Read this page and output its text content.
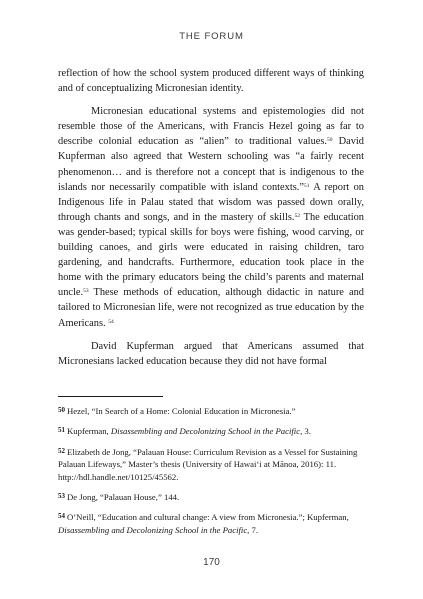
THE FORUM

reflection of how the school system produced different ways of thinking and of conceptualizing Micronesian identity.

Micronesian educational systems and epistemologies did not resemble those of the Americans, with Francis Hezel going as far to describe colonial education as “alien” to traditional values.$^{50}$ David Kupferman also agreed that Western schooling was “a fairly recent phenomenon… and is therefore not a concept that is indigenous to the islands nor necessarily compatible with island contexts.”$^{51}$ A report on Indigenous life in Palau stated that wisdom was passed down orally, through chants and songs, and in the mastery of skills.$^{52}$ The education was gender-based; typical skills for boys were fishing, wood carving, or building canoes, and girls were educated in raising children, taro gardening, and handcrafts. Furthermore, education took place in the home with the primary educators being the child’s parents and maternal uncle.$^{53}$ These methods of education, although didactic in nature and tailored to Micronesian life, were not recognized as true education by the Americans. $^{54}$

David Kupferman argued that Americans assumed that Micronesians lacked education because they did not have formal

$^{50}$ Hezel, “In Search of a Home: Colonial Education in Micronesia.”

$^{51}$ Kupferman, Disassembling and Decolonizing School in the Pacific, 3.

$^{52}$ Elizabeth de Jong, “Palauan House: Curriculum Revision as a Vessel for Sustaining Palauan Lifeways,” Master’s thesis (University of Hawai‘i at Mānoa, 2016): 11. http://hdl.handle.net/10125/45562.

$^{53}$ De Jong, “Palauan House,” 144.

$^{54}$ O’Neill, “Education and cultural change: A view from Micronesia.”; Kupferman, Disassembling and Decolonizing School in the Pacific, 7.

170
